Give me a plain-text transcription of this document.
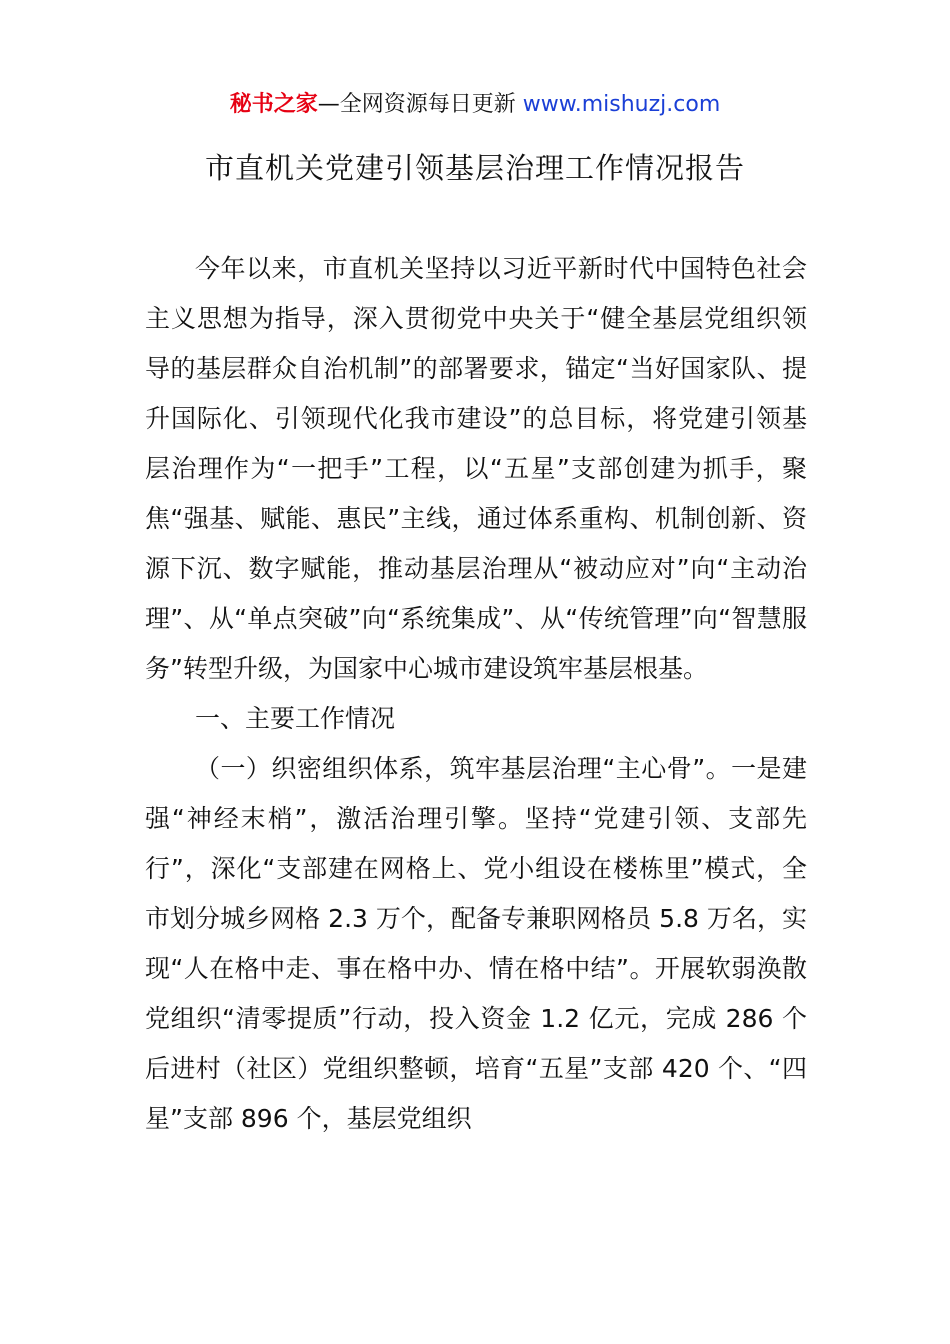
秘书之家—全网资源每日更新 www.mishuzj.com
市直机关党建引领基层治理工作情况报告

今年以来，市直机关坚持以习近平新时代中国特色社会主义思想为指导，深入贯彻党中央关于“健全基层党组织领导的基层群众自治机制”的部署要求，锚定“当好国家队、提升国际化、引领现代化我市建设”的总目标，将党建引领基层治理作为“一把手”工程，以“五星”支部创建为抓手，聚焦“强基、赋能、惠民”主线，通过体系重构、机制创新、资源下沉、数字赋能，推动基层治理从“被动应对”向“主动治理”、从“单点突破”向“系统集成”、从“传统管理”向“智慧服务”转型升级，为国家中心城市建设筑牢基层根基。

一、主要工作情况

（一）织密组织体系，筑牢基层治理“主心骨”。一是建强“神经末梢”，激活治理引擎。坚持“党建引领、支部先行”，深化“支部建在网格上、党小组设在楼栋里”模式，全市划分城乡网格 2.3 万个，配备专兼职网格员 5.8 万名，实现“人在格中走、事在格中办、情在格中结”。开展软弱涣散党组织“清零提质”行动，投入资金 1.2 亿元，完成 286 个后进村（社区）党组织整顿，培育“五星”支部 420 个、“四星”支部 896 个，基层党组织
